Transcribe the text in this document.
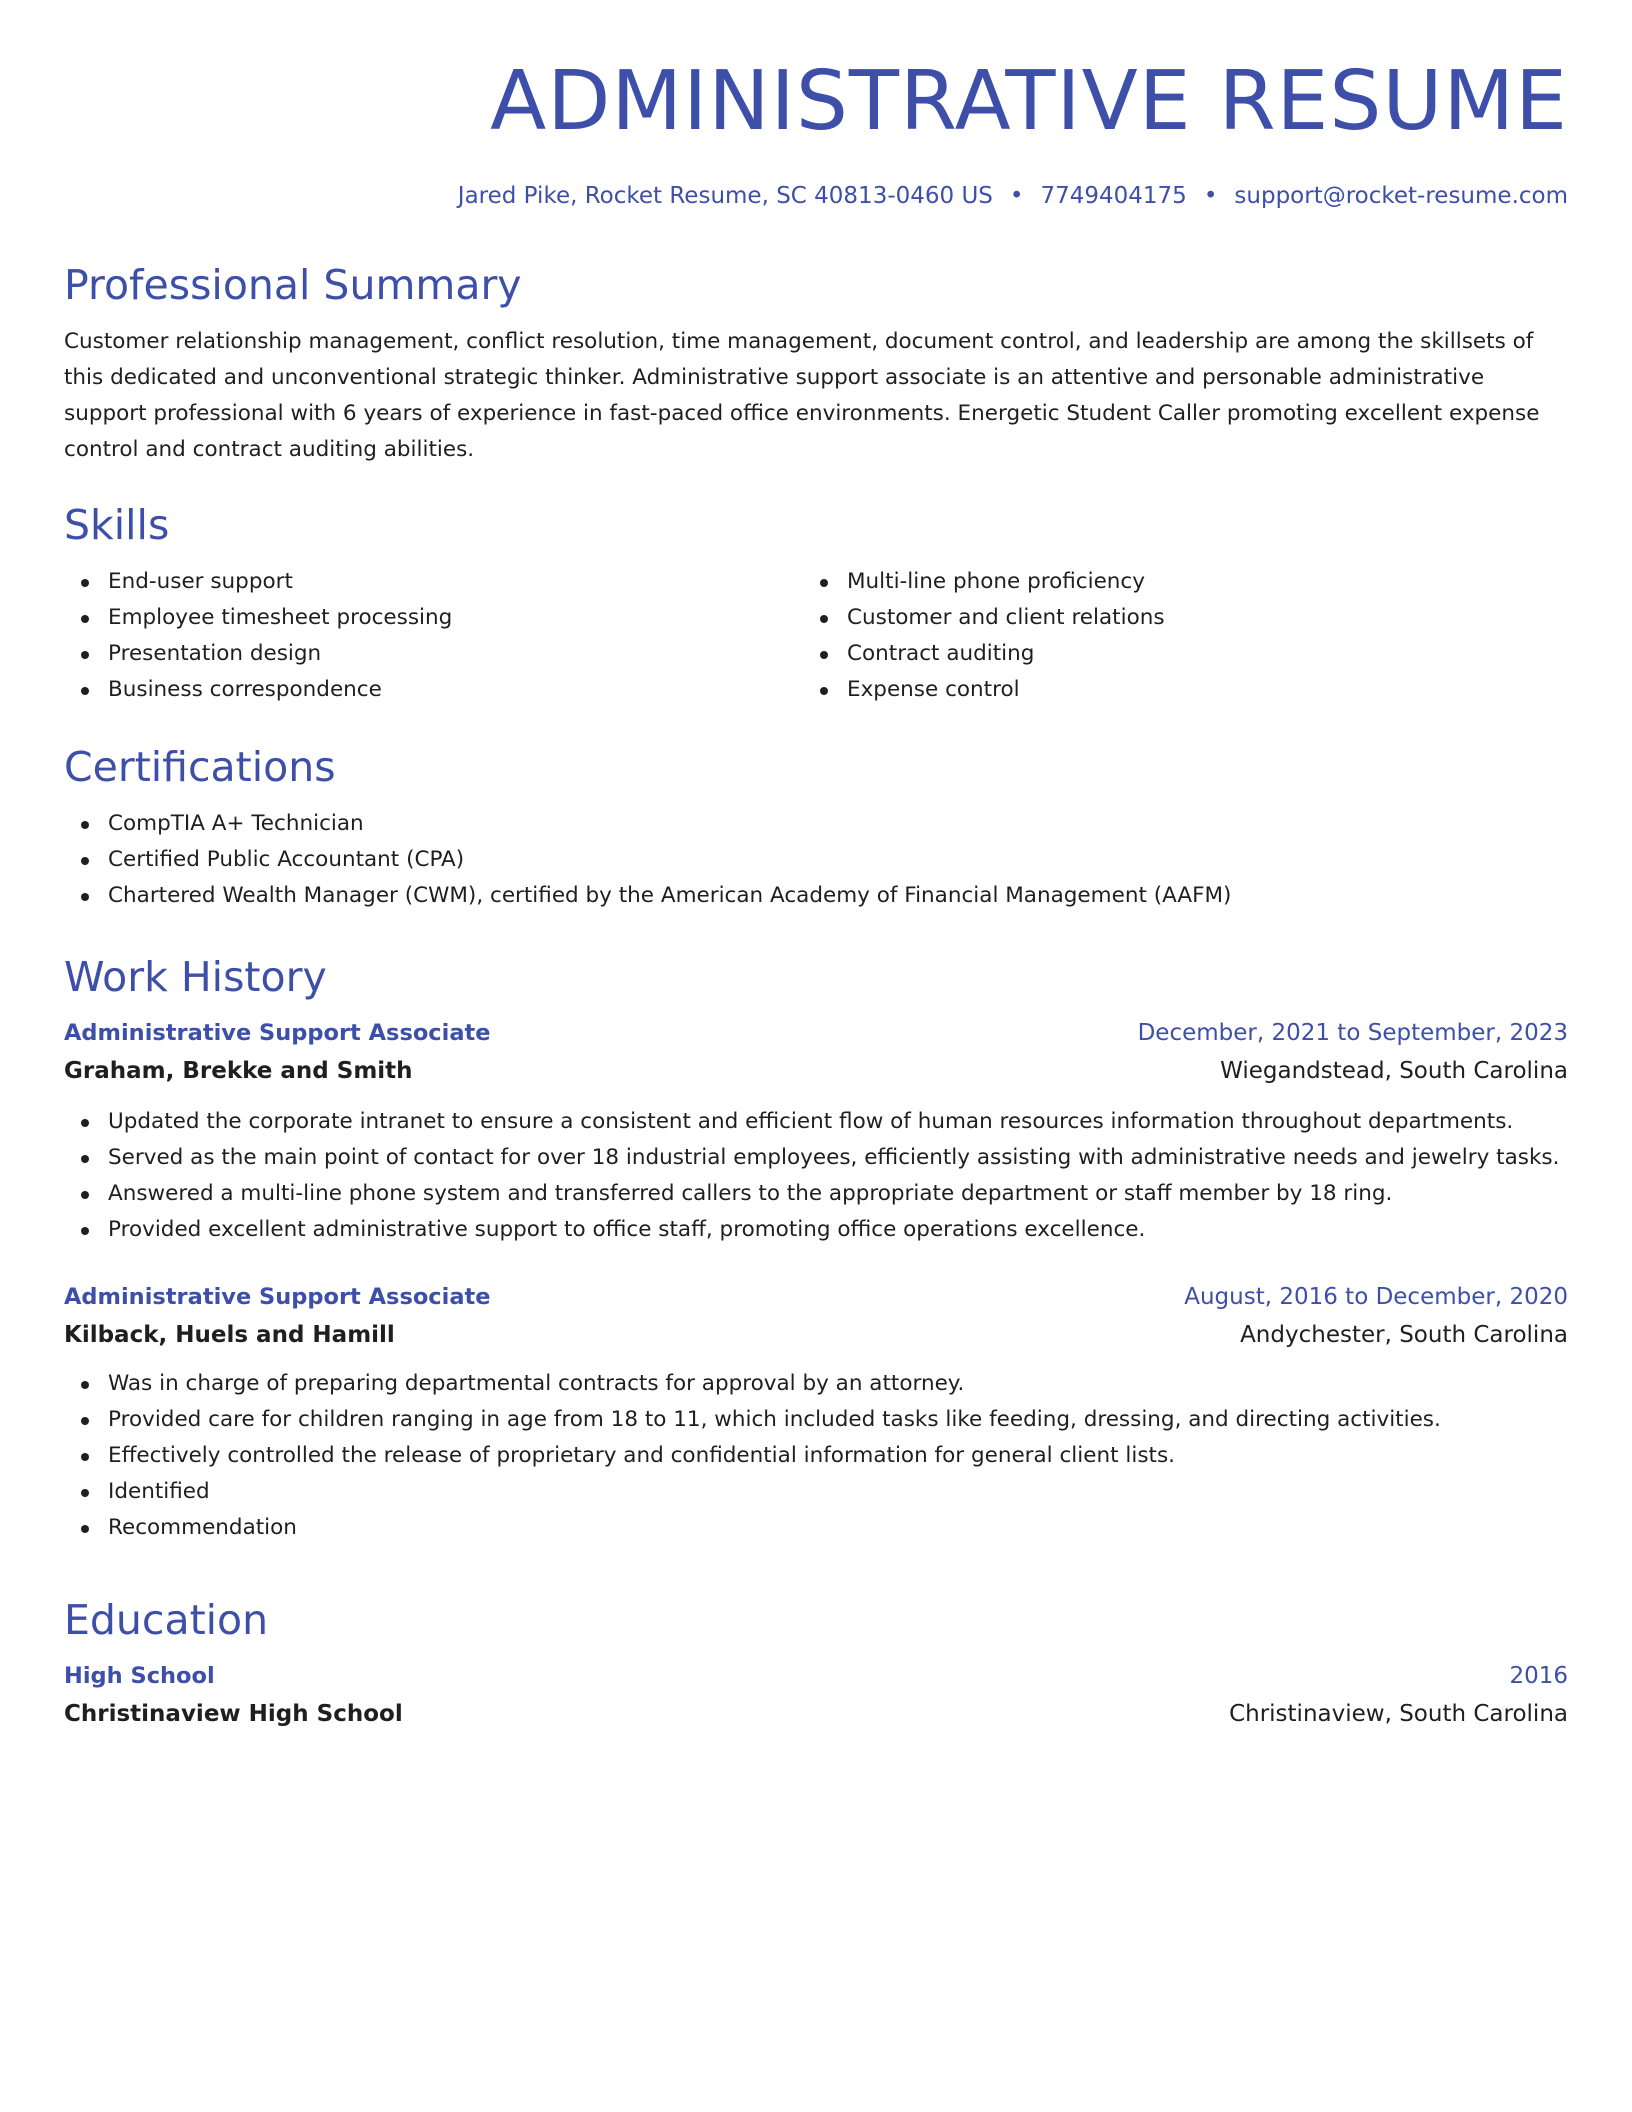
ADMINISTRATIVE RESUME
Jared Pike, Rocket Resume, SC 40813-0460 US • 7749404175 • support@rocket-resume.com
Professional Summary

Customer relationship management, conflict resolution, time management, document control, and leadership are among the skillsets of this dedicated and unconventional strategic thinker. Administrative support associate is an attentive and personable administrative support professional with 6 years of experience in fast-paced office environments. Energetic Student Caller promoting excellent expense control and contract auditing abilities.

Skills
End-user support
Employee timesheet processing
Presentation design
Business correspondence
Multi-line phone proficiency
Customer and client relations
Contract auditing
Expense control
Certifications
CompTIA A+ Technician
Certified Public Accountant (CPA)
Chartered Wealth Manager (CWM), certified by the American Academy of Financial Management (AAFM)
Work History
Administrative Support Associate	December, 2021 to September, 2023
Graham, Brekke and Smith	Wiegandstead, South Carolina
Updated the corporate intranet to ensure a consistent and efficient flow of human resources information throughout departments.
Served as the main point of contact for over 18 industrial employees, efficiently assisting with administrative needs and jewelry tasks.
Answered a multi-line phone system and transferred callers to the appropriate department or staff member by 18 ring.
Provided excellent administrative support to office staff, promoting office operations excellence.
Administrative Support Associate	August, 2016 to December, 2020
Kilback, Huels and Hamill	Andychester, South Carolina
Was in charge of preparing departmental contracts for approval by an attorney.
Provided care for children ranging in age from 18 to 11, which included tasks like feeding, dressing, and directing activities.
Effectively controlled the release of proprietary and confidential information for general client lists.
Identified
Recommendation
Education
High School	2016
Christinaview High School	Christinaview, South Carolina
